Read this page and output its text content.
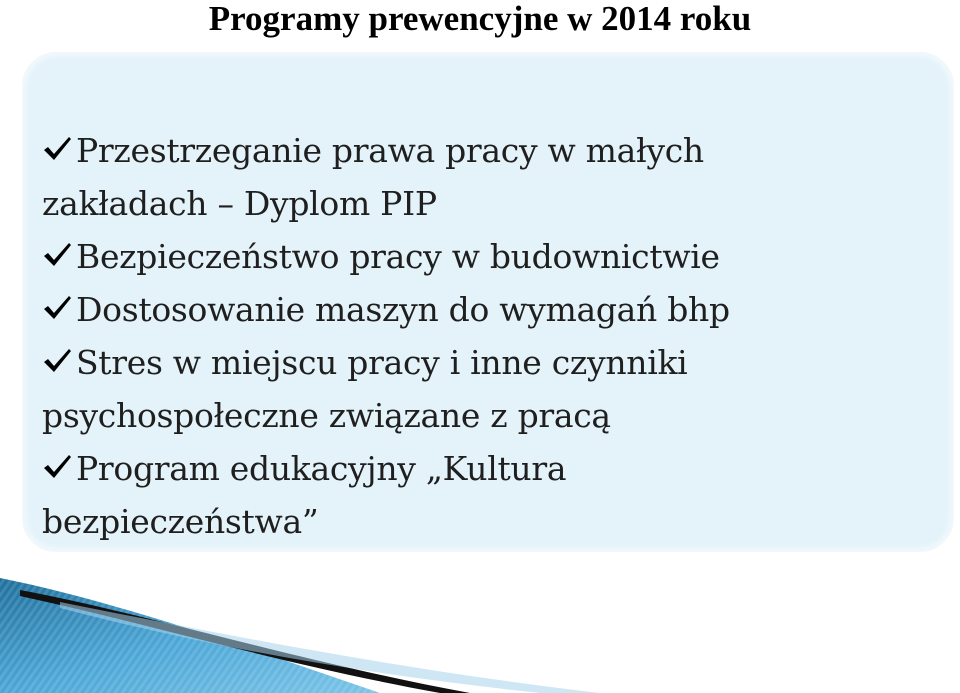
Programy prewencyjne w 2014 roku
Przestrzeganie prawa pracy w małych
zakładach – Dyplom PIP
Bezpieczeństwo pracy w budownictwie
Dostosowanie maszyn do wymagań bhp
Stres w miejscu pracy i inne czynniki
psychospołeczne związane z pracą
Program edukacyjny „Kultura
bezpieczeństwa”
